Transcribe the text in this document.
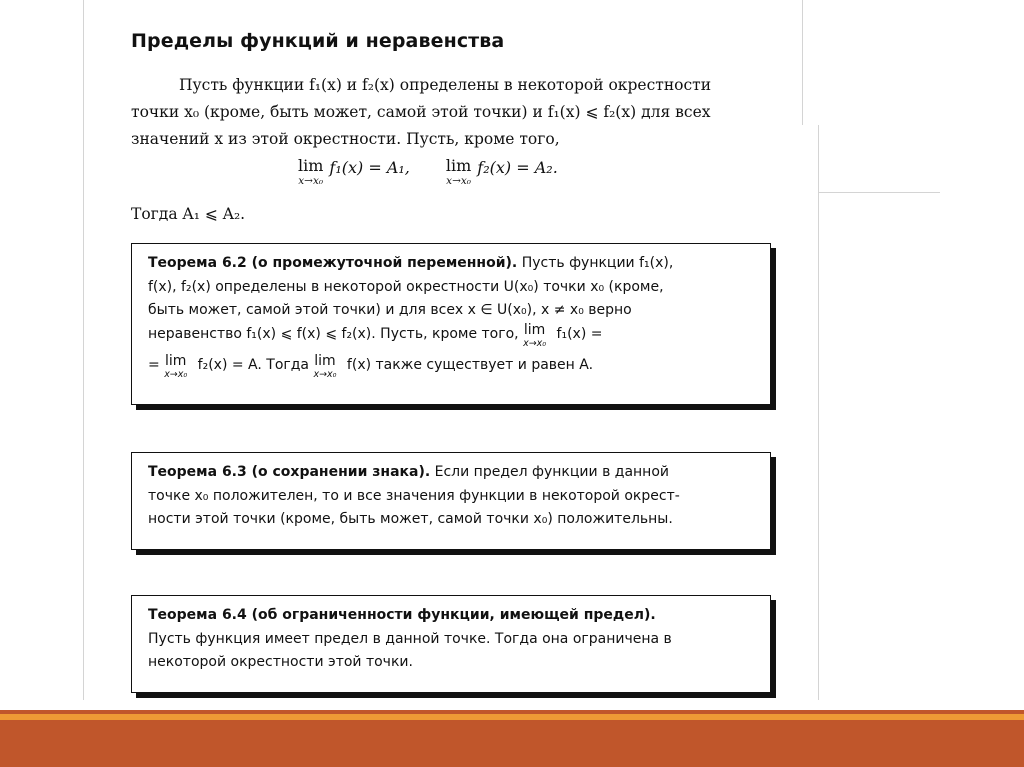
Пределы функций и неравенства
Пусть функции f₁(x) и f₂(x) определены в некоторой окрестности
точки x₀ (кроме, быть может, самой этой точки) и f₁(x) ⩽ f₂(x) для всех
значений x из этой окрестности. Пусть, кроме того,
lim
x→x₀
f₁(x) = A₁, lim
x→x₀
f₂(x) = A₂.
Тогда A₁ ⩽ A₂.
Теорема 6.2 (о промежуточной переменной). Пусть функции f₁(x),
f(x), f₂(x) определены в некоторой окрестности U(x₀) точки x₀ (кроме,
быть может, самой этой точки) и для всех x ∈ U(x₀), x ≠ x₀ верно
неравенство f₁(x) ⩽ f(x) ⩽ f₂(x). Пусть, кроме того, lim
x→x₀
f₁(x) =
= lim
x→x₀
f₂(x) = A. Тогда lim
x→x₀
f(x) также существует и равен A.
Теорема 6.3 (о сохранении знака). Если предел функции в данной
точке x₀ положителен, то и все значения функции в некоторой окрест-
ности этой точки (кроме, быть может, самой точки x₀) положительны.
Теорема 6.4 (об ограниченности функции, имеющей предел).
Пусть функция имеет предел в данной точке. Тогда она ограничена в
некоторой окрестности этой точки.
